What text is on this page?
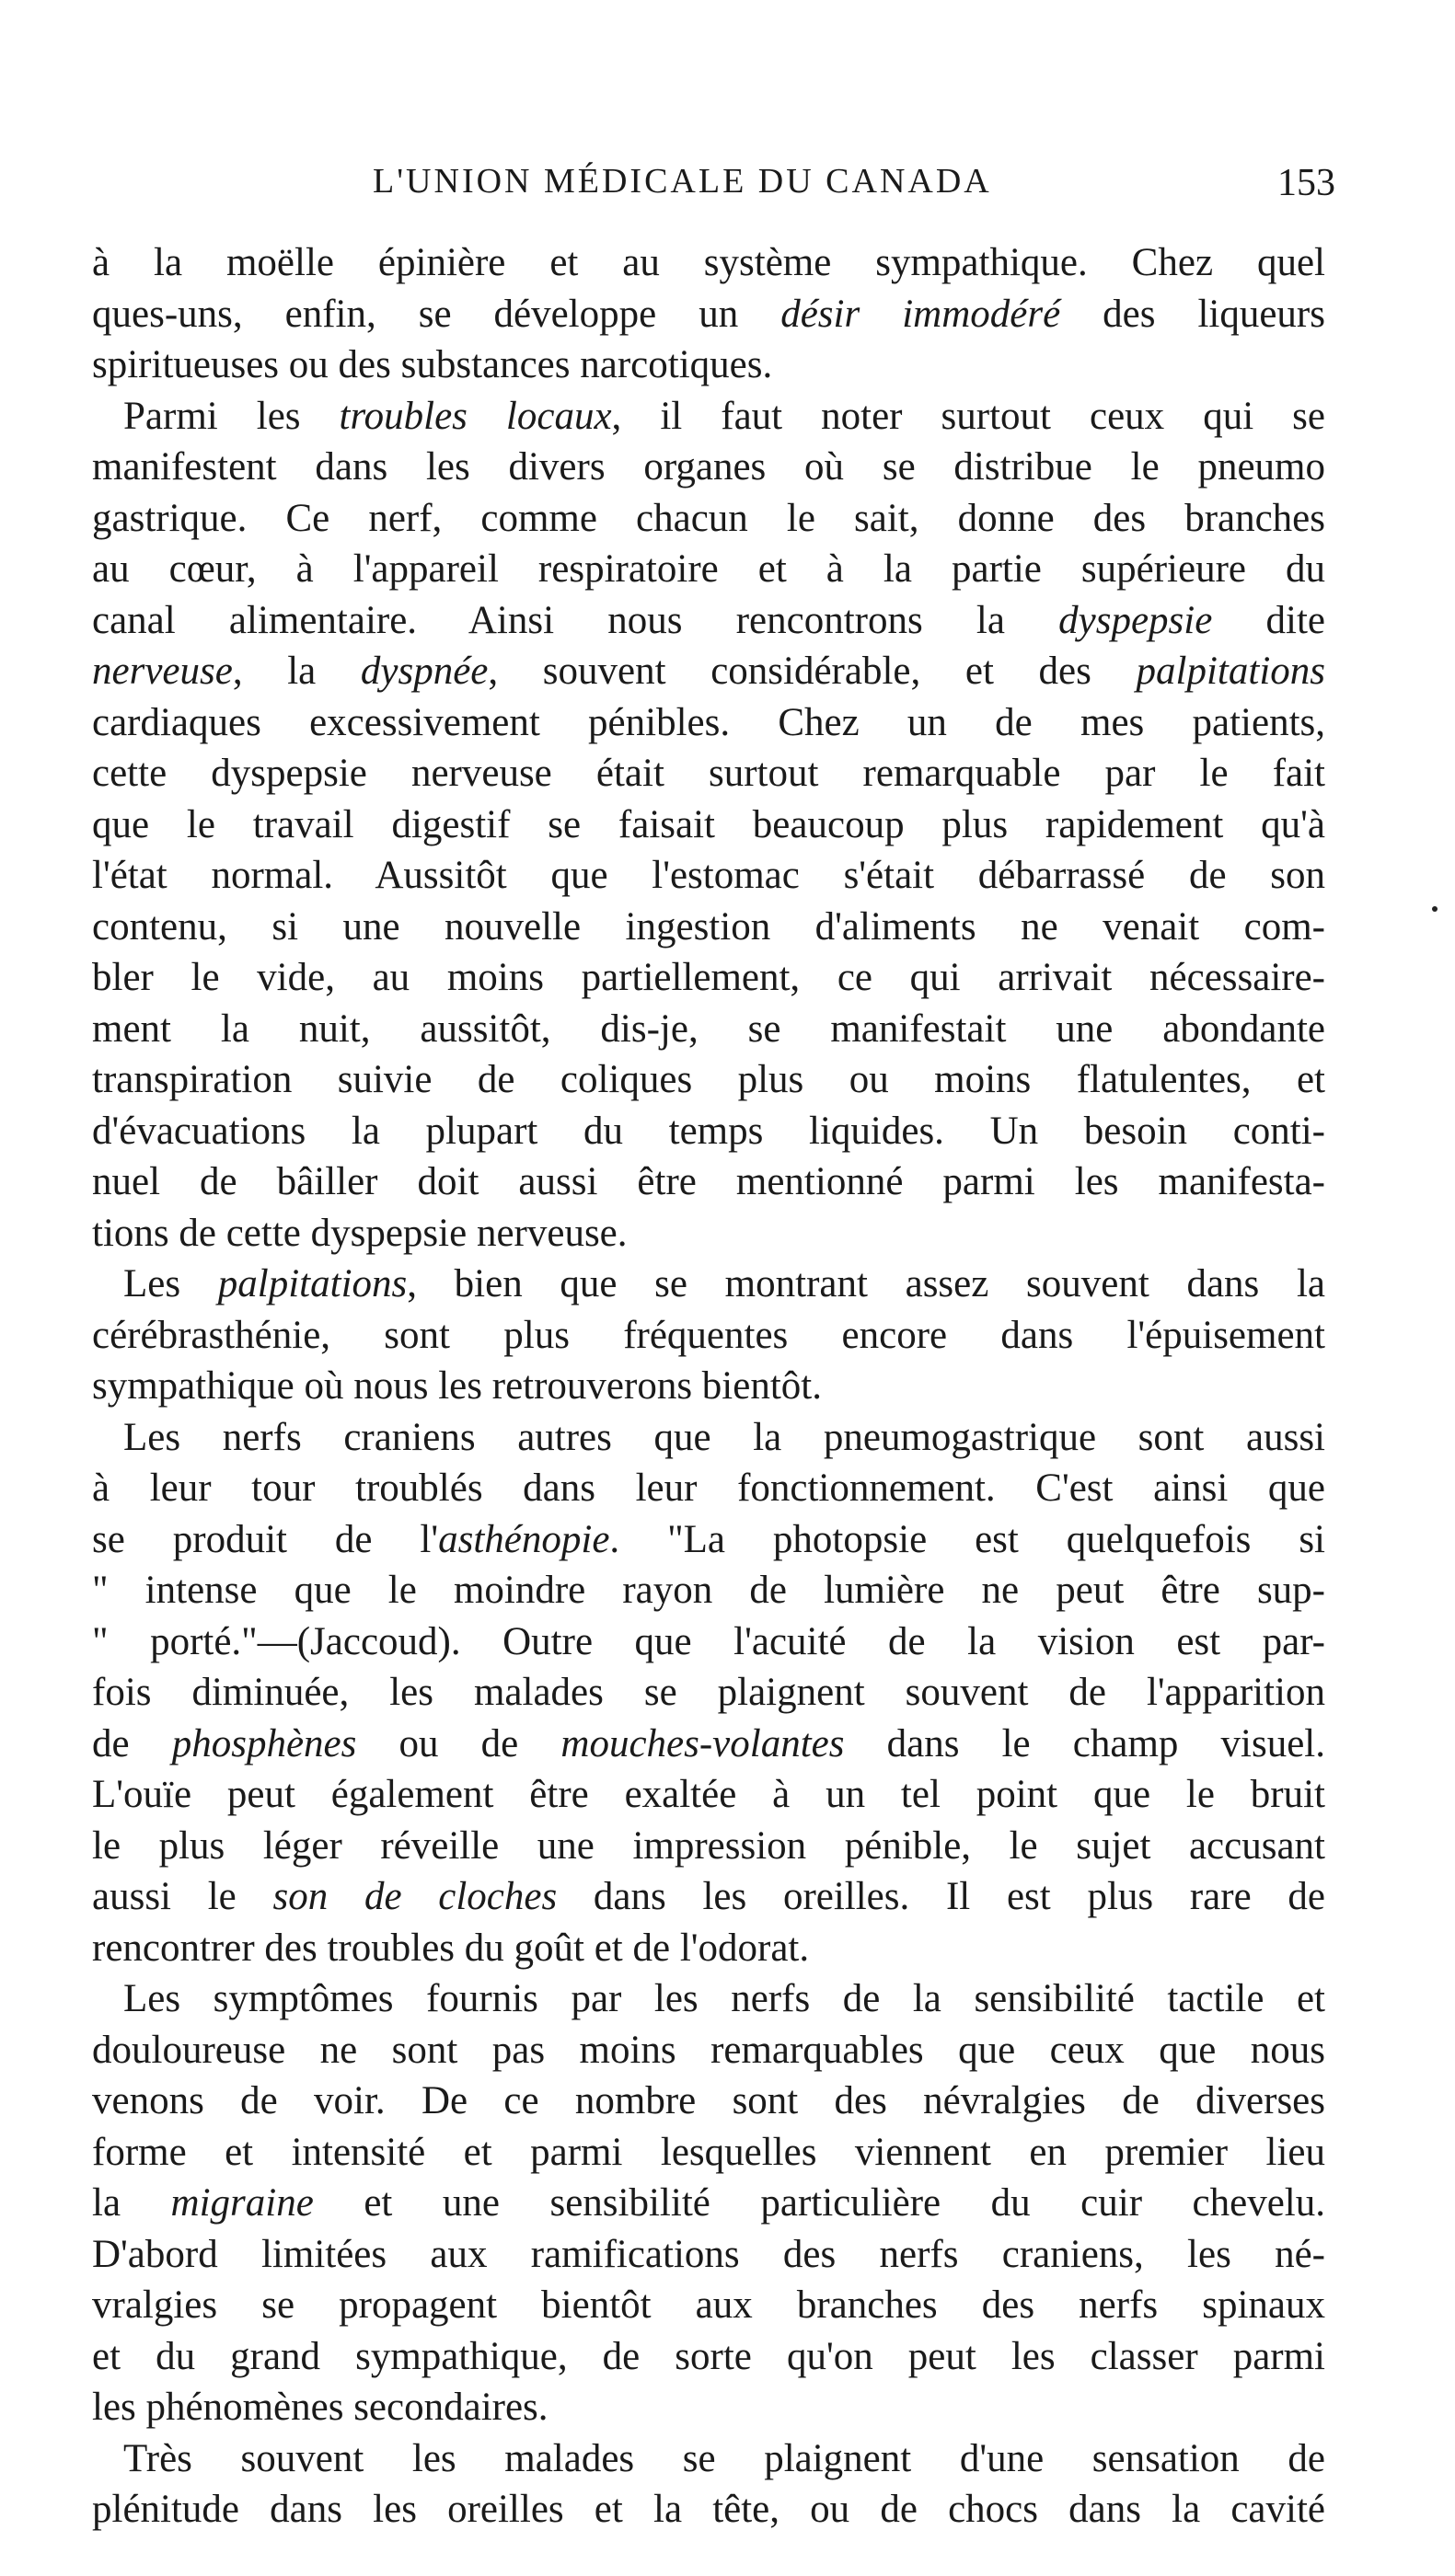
L'UNION MÉDICALE DU CANADA	153
à la moëlle épinière et au système sympathique. Chez quel
ques-uns, enfin, se développe un désir immodéré des liqueurs
spiritueuses ou des substances narcotiques.
Parmi les troubles locaux, il faut noter surtout ceux qui se
manifestent dans les divers organes où se distribue le pneumo
gastrique. Ce nerf, comme chacun le sait, donne des branches
au cœur, à l'appareil respiratoire et à la partie supérieure du
canal alimentaire. Ainsi nous rencontrons la dyspepsie dite
nerveuse, la dyspnée, souvent considérable, et des palpitations
cardiaques excessivement pénibles. Chez un de mes patients,
cette dyspepsie nerveuse était surtout remarquable par le fait
que le travail digestif se faisait beaucoup plus rapidement qu'à
l'état normal. Aussitôt que l'estomac s'était débarrassé de son
contenu, si une nouvelle ingestion d'aliments ne venait com-
bler le vide, au moins partiellement, ce qui arrivait nécessaire-
ment la nuit, aussitôt, dis-je, se manifestait une abondante
transpiration suivie de coliques plus ou moins flatulentes, et
d'évacuations la plupart du temps liquides. Un besoin conti-
nuel de bâiller doit aussi être mentionné parmi les manifesta-
tions de cette dyspepsie nerveuse.
Les palpitations, bien que se montrant assez souvent dans la
cérébrasthénie, sont plus fréquentes encore dans l'épuisement
sympathique où nous les retrouverons bientôt.
Les nerfs craniens autres que la pneumogastrique sont aussi
à leur tour troublés dans leur fonctionnement. C'est ainsi que
se produit de l'asthénopie. "La photopsie est quelquefois si
" intense que le moindre rayon de lumière ne peut être sup-
" porté."—(Jaccoud). Outre que l'acuité de la vision est par-
fois diminuée, les malades se plaignent souvent de l'apparition
de phosphènes ou de mouches-volantes dans le champ visuel.
L'ouïe peut également être exaltée à un tel point que le bruit
le plus léger réveille une impression pénible, le sujet accusant
aussi le son de cloches dans les oreilles. Il est plus rare de
rencontrer des troubles du goût et de l'odorat.
Les symptômes fournis par les nerfs de la sensibilité tactile et
douloureuse ne sont pas moins remarquables que ceux que nous
venons de voir. De ce nombre sont des névralgies de diverses
forme et intensité et parmi lesquelles viennent en premier lieu
la migraine et une sensibilité particulière du cuir chevelu.
D'abord limitées aux ramifications des nerfs craniens, les né-
vralgies se propagent bientôt aux branches des nerfs spinaux
et du grand sympathique, de sorte qu'on peut les classer parmi
les phénomènes secondaires.
Très souvent les malades se plaignent d'une sensation de
plénitude dans les oreilles et la tête, ou de chocs dans la cavité
